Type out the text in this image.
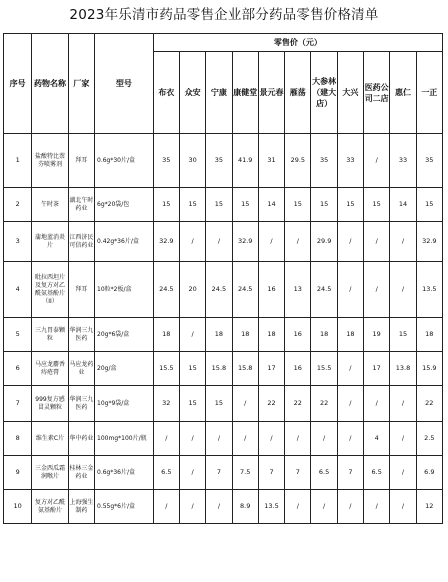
2023年乐清市药品零售企业部分药品零售价格清单
序号	药物名称	厂家	型号	零售价（元）										
				布衣	众安	宁康	康健堂	景元春	雁荡	大参林（建大店）	大兴	医药公司二店	惠仁	一正
1	盐酸特比萘芬喷雾剂	拜耳	0.6g*30片/盒	35	30	35	41.9	31	29.5	35	33	/	33	35
2	午时茶	湖北午时药业	6g*20袋/包	15	15	15	15	14	15	15	15	15	14	15
3	蒲地蓝消炎片	江西济民可信药业	0.42g*36片/盒	32.9	/	/	32.9	/	/	29.9	/	/	/	32.9
4	吡拉西坦片及复方对乙酰氨基酚片（II）	拜耳	10粒*2板/盒	24.5	20	24.5	24.5	16	13	24.5	/	/	/	13.5
5	三九胃泰颗粒	华润三九医药	20g*6袋/盒	18	/	18	18	18	16	18	18	19	15	18
6	马应龙麝香痔疮膏	马应龙药业	20g/盒	15.5	15	15.8	15.8	17	16	15.5	/	17	13.8	15.9
7	999复方感冒灵颗粒	华润三九医药	10g*9袋/盒	32	15	15	/	22	22	22	/	/	/	22
8	维生素C片	华中药业	100mg*100片/瓶	/	/	/	/	/	/	/	/	4	/	2.5
9	三金西瓜霜润喉片	桂林三金药业	0.6g*36片/盒	6.5	/	7	7.5	7	7	6.5	7	6.5	/	6.9
10	复方对乙酰氨基酚片	上海强生制药	0.55g*6片/盒	/	/	/	8.9	13.5	/	/	/	/	/	12
